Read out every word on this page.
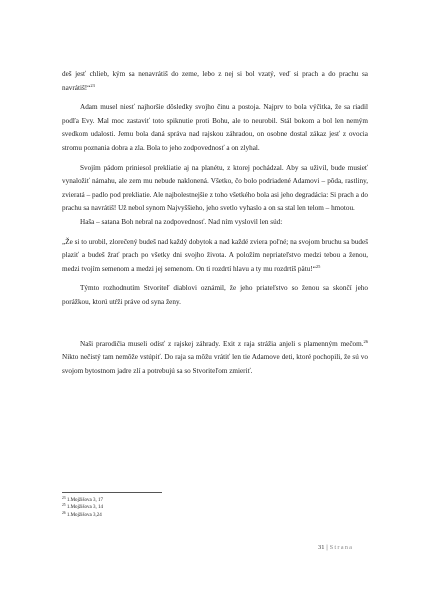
deš jesť chlieb, kým sa nenavrátiš do zeme, lebo z nej si bol vzatý, veď si prach a do prachu sa navrátiš!“$^{23}$

Adam musel niesť najhoršie dôsledky svojho činu a postoja. Najprv to bola výčitka, že sa riadil podľa Evy. Mal moc zastaviť toto spiknutie proti Bohu, ale to neurobil. Stál bokom a bol len nemým svedkom udalosti. Jemu bola daná správa nad rajskou záhradou, on osobne dostal zákaz jesť z ovocia stromu poznania dobra a zla. Bola to jeho zodpovednosť a on zlyhal.

Svojím pádom priniesol prekliatie aj na planétu, z ktorej pochádzal. Aby sa uživil, bude musieť vynaložiť námahu, ale zem mu nebude naklonená. Všetko, čo bolo podriadené Adamovi – pôda, rastliny, zvieratá – padlo pod prekliatie. Ale najbolestnejšie z toho všetkého bola asi jeho degradácia: Si prach a do prachu sa navrátiš! Už nebol synom Najvyššieho, jeho svetlo vyhaslo a on sa stal len telom – hmotou.

Haša – satana Boh nebral na zodpovednosť. Nad ním vyslovil len súd:

„Že si to urobil, zlorečený budeš nad každý dobytok a nad každé zviera poľné; na svojom bruchu sa budeš plaziť a budeš žrať prach po všetky dni svojho života. A položím nepriateľstvo medzi tebou a ženou, medzi tvojím semenom a medzi jej semenom. On ti rozdrtí hlavu a ty mu rozdrtíš pätu!“$^{25}$

Týmto rozhodnutím Stvoriteľ diablovi oznámil, že jeho priateľstvo so ženou sa skončí jeho porážkou, ktorú utŕži práve od syna ženy.

Naši prarodičia museli odísť z rajskej záhrady. Exit z raja strážia anjeli s plamenným mečom.$^{26}$ Nikto nečistý tam nemôže vstúpiť. Do raja sa môžu vrátiť len tie Adamove deti, ktoré pochopili, že sú vo svojom bytostnom jadre zlí a potrebujú sa so Stvoriteľom zmieriť.

$^{23}$ 1.Mojžišova 3, 17

$^{25}$ 1.Mojžišova 3, 14

$^{26}$ 1.Mojžišova 3,24

31 | Strana
